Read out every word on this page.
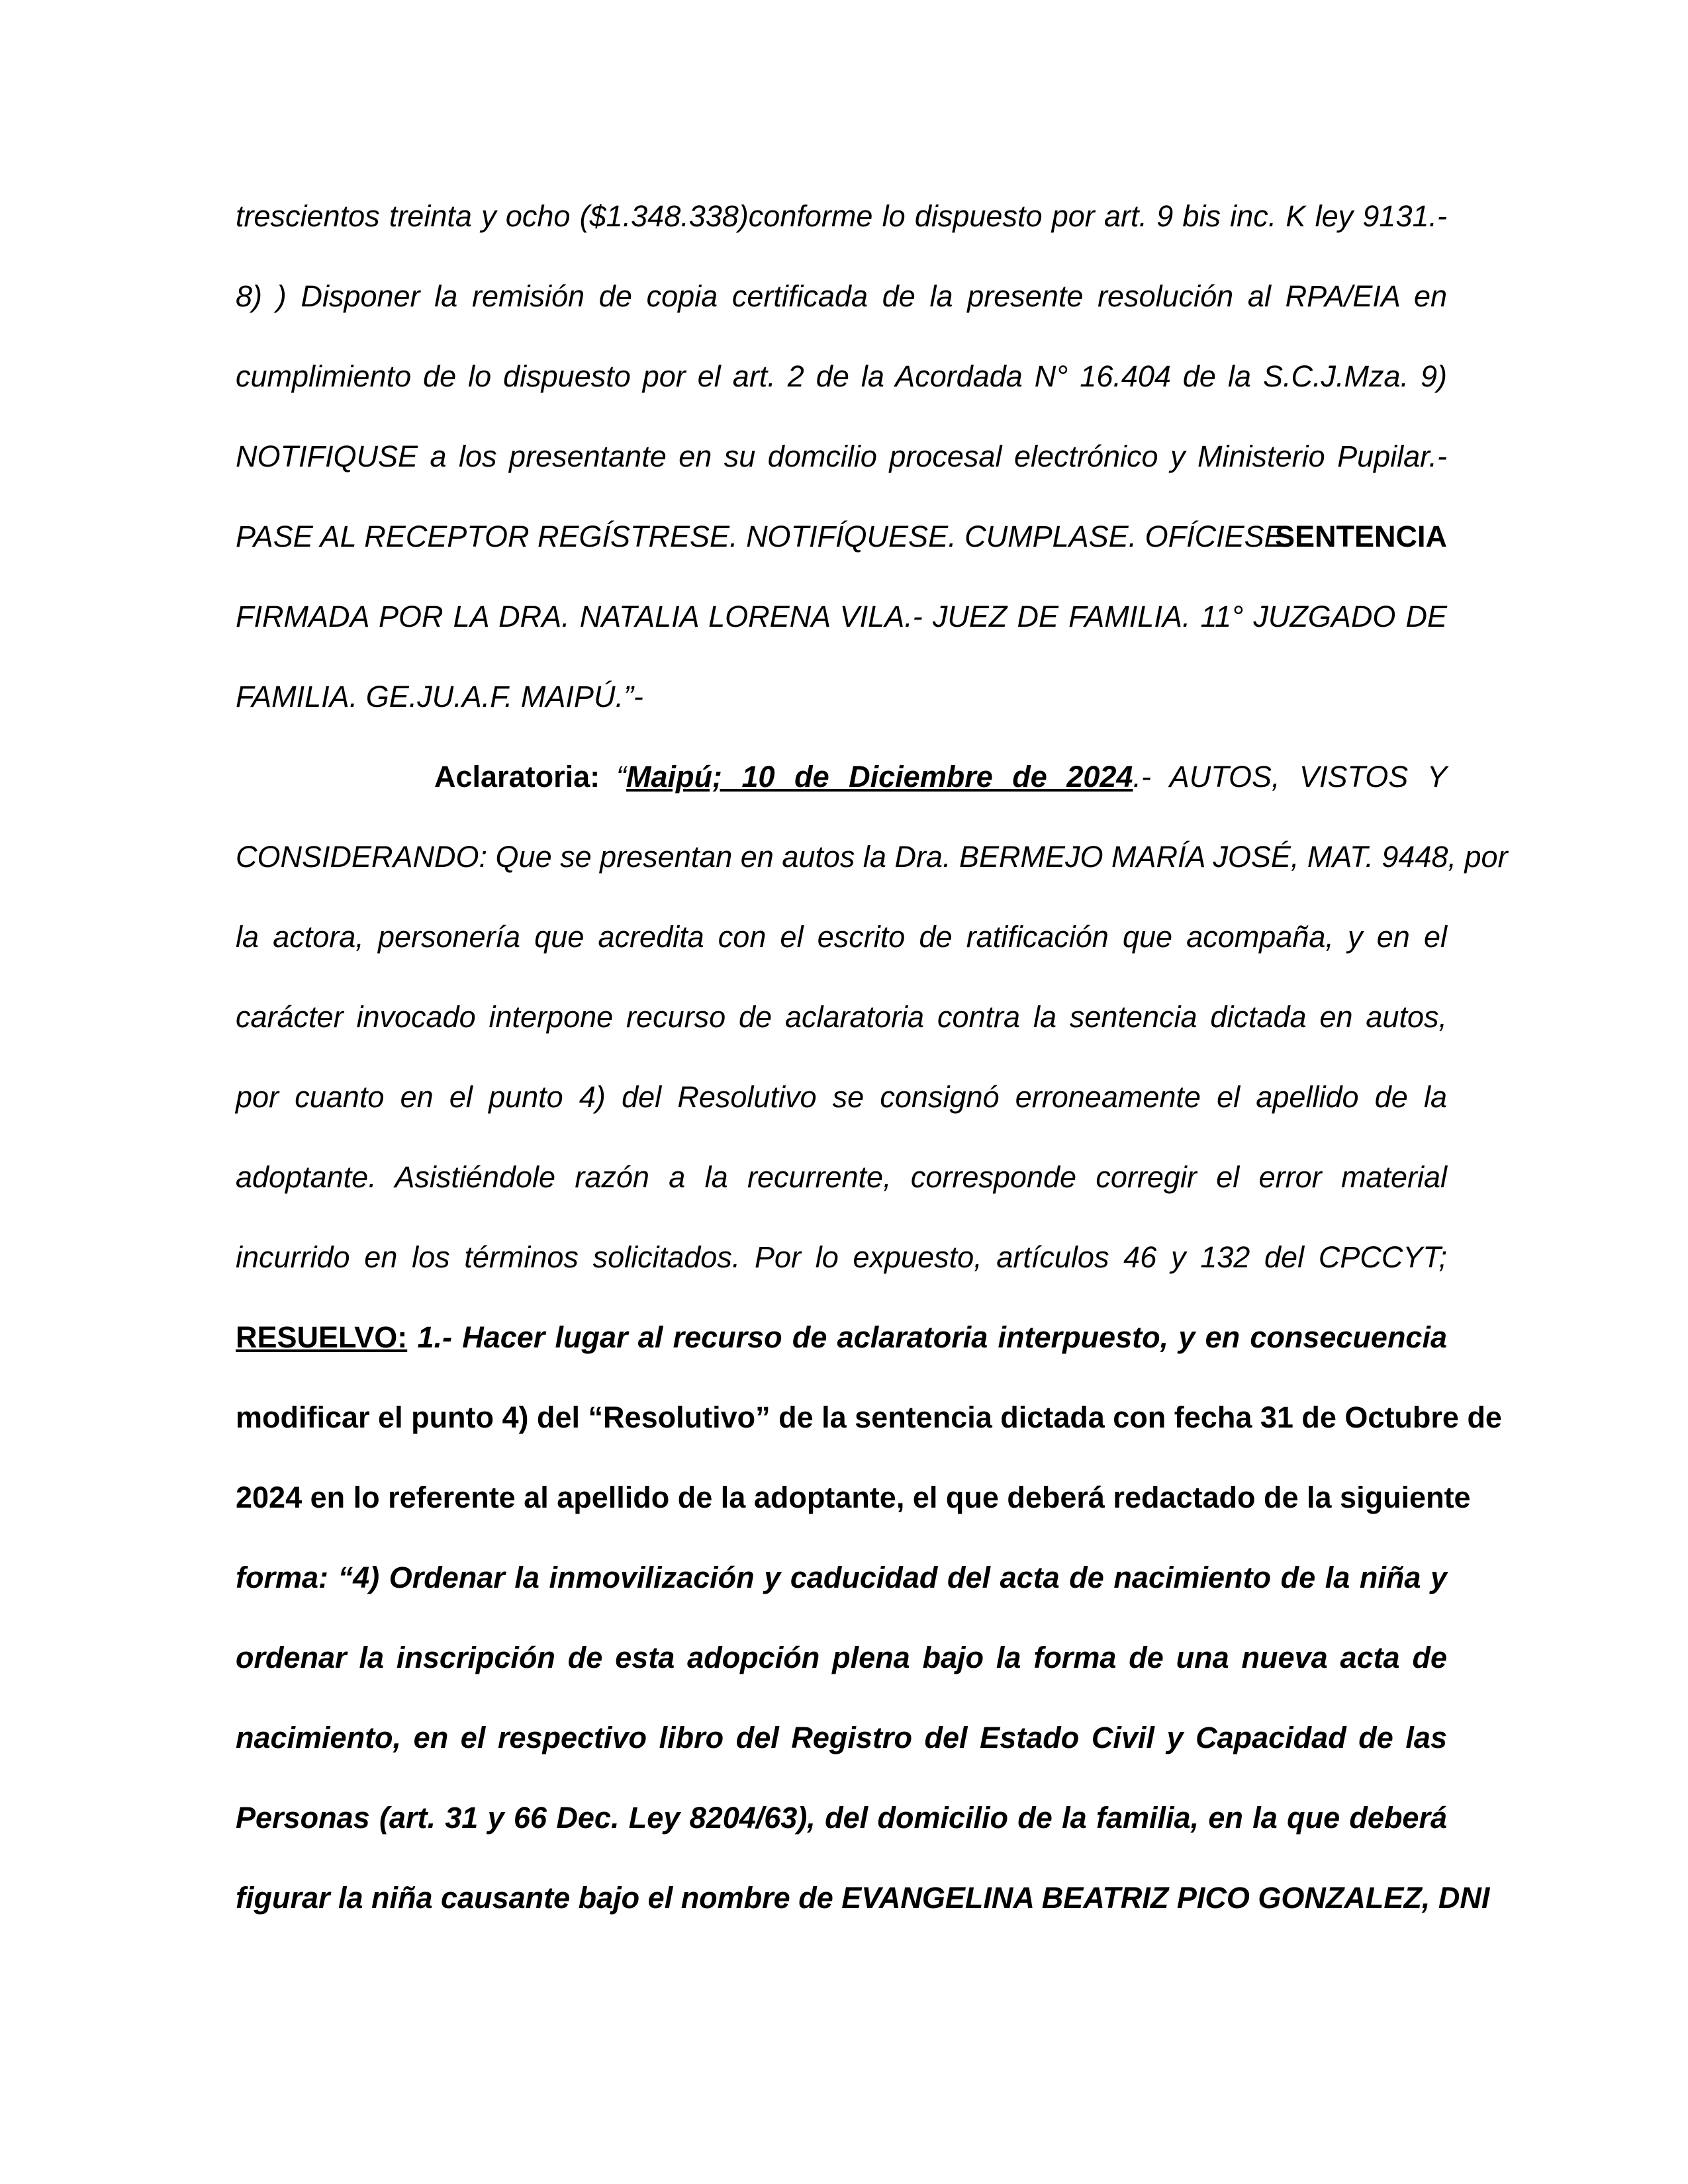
trescientos treinta y ocho ($1.348.338)conforme lo dispuesto por art. 9 bis inc. K ley 9131.-
8) ) Disponer la remisión de copia certificada de la presente resolución al RPA/EIA en
cumplimiento de lo dispuesto por el art. 2 de la Acordada N° 16.404 de la S.C.J.Mza. 9)
NOTIFIQUSE a los presentante en su domcilio procesal electrónico y Ministerio Pupilar.-
PASE AL RECEPTOR REGÍSTRESE. NOTIFÍQUESE. CUMPLASE. OFÍCIESE.
SENTENCIA
FIRMADA POR LA DRA. NATALIA LORENA VILA.- JUEZ DE FAMILIA. 11° JUZGADO DE
FAMILIA. GE.JU.A.F. MAIPÚ.”-
Aclaratoria: “Maipú; 10 de Diciembre de 2024.- AUTOS, VISTOS Y
CONSIDERANDO: Que se presentan en autos la Dra. BERMEJO MARÍA JOSÉ, MAT. 9448, por
la actora, personería que acredita con el escrito de ratificación que acompaña, y en el
carácter invocado interpone recurso de aclaratoria contra la sentencia dictada en autos,
por cuanto en el punto 4) del Resolutivo se consignó erroneamente el apellido de la
adoptante. Asistiéndole razón a la recurrente, corresponde corregir el error material
incurrido en los términos solicitados. Por lo expuesto, artículos 46 y 132 del CPCCYT;
RESUELVO: 1.- Hacer lugar al recurso de aclaratoria interpuesto, y en consecuencia
modificar el punto 4) del “Resolutivo” de la sentencia dictada con fecha 31 de Octubre de
2024 en lo referente al apellido de la adoptante, el que deberá redactado de la siguiente
forma: “4) Ordenar la inmovilización y caducidad del acta de nacimiento de la niña y
ordenar la inscripción de esta adopción plena bajo la forma de una nueva acta de
nacimiento, en el respectivo libro del Registro del Estado Civil y Capacidad de las
Personas (art. 31 y 66 Dec. Ley 8204/63), del domicilio de la familia, en la que deberá
figurar la niña causante bajo el nombre de EVANGELINA BEATRIZ PICO GONZALEZ, DNI
